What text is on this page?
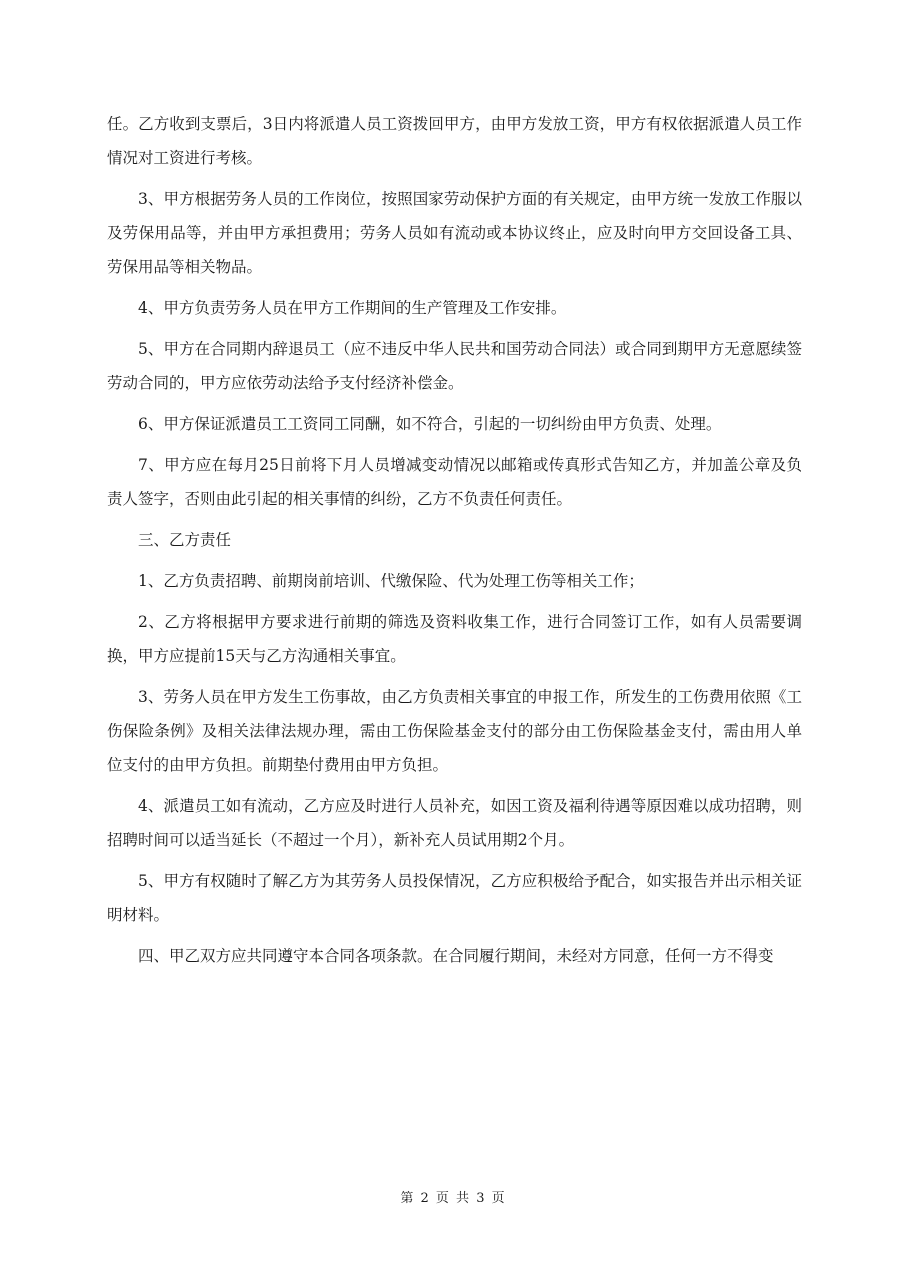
任。乙方收到支票后，3日内将派遣人员工资拨回甲方，由甲方发放工资，甲方有权依据派遣人员工作情况对工资进行考核。

3、甲方根据劳务人员的工作岗位，按照国家劳动保护方面的有关规定，由甲方统一发放工作服以及劳保用品等，并由甲方承担费用；劳务人员如有流动或本协议终止，应及时向甲方交回设备工具、劳保用品等相关物品。

4、甲方负责劳务人员在甲方工作期间的生产管理及工作安排。

5、甲方在合同期内辞退员工（应不违反中华人民共和国劳动合同法）或合同到期甲方无意愿续签劳动合同的，甲方应依劳动法给予支付经济补偿金。

6、甲方保证派遣员工工资同工同酬，如不符合，引起的一切纠纷由甲方负责、处理。

7、甲方应在每月25日前将下月人员增减变动情况以邮箱或传真形式告知乙方，并加盖公章及负责人签字，否则由此引起的相关事情的纠纷，乙方不负责任何责任。

三、乙方责任

1、乙方负责招聘、前期岗前培训、代缴保险、代为处理工伤等相关工作；

2、乙方将根据甲方要求进行前期的筛选及资料收集工作，进行合同签订工作，如有人员需要调换，甲方应提前15天与乙方沟通相关事宜。

3、劳务人员在甲方发生工伤事故，由乙方负责相关事宜的申报工作，所发生的工伤费用依照《工伤保险条例》及相关法律法规办理，需由工伤保险基金支付的部分由工伤保险基金支付，需由用人单位支付的由甲方负担。前期垫付费用由甲方负担。

4、派遣员工如有流动，乙方应及时进行人员补充，如因工资及福利待遇等原因难以成功招聘，则招聘时间可以适当延长（不超过一个月），新补充人员试用期2个月。

5、甲方有权随时了解乙方为其劳务人员投保情况，乙方应积极给予配合，如实报告并出示相关证明材料。

四、甲乙双方应共同遵守本合同各项条款。在合同履行期间，未经对方同意，任何一方不得变

第 2 页 共 3 页
